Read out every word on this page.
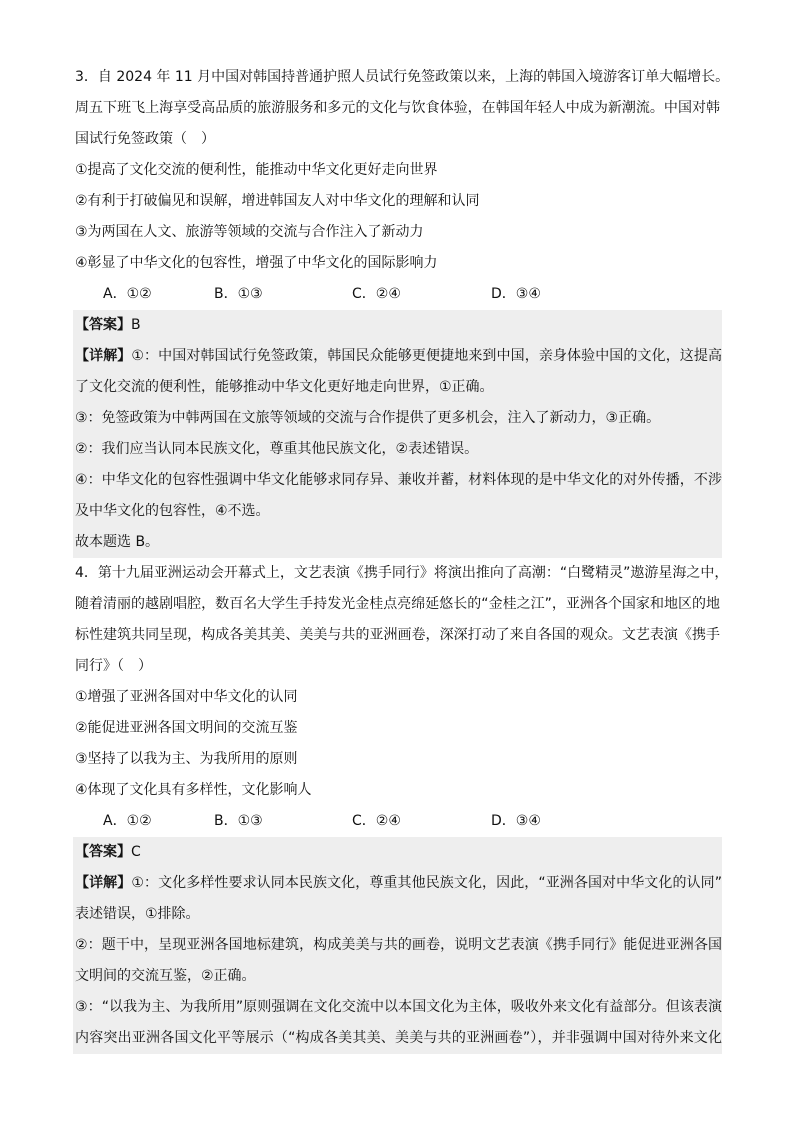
3．自 2024 年 11 月中国对韩国持普通护照人员试行免签政策以来，上海的韩国入境游客订单大幅增长。
周五下班飞上海享受高品质的旅游服务和多元的文化与饮食体验，在韩国年轻人中成为新潮流。中国对韩
国试行免签政策（　）
①提高了文化交流的便利性，能推动中华文化更好走向世界
②有利于打破偏见和误解，增进韩国友人对中华文化的理解和认同
③为两国在人文、旅游等领域的交流与合作注入了新动力
④彰显了中华文化的包容性，增强了中华文化的国际影响力
A．①②	B．①③	C．②④	D．③④
【答案】B
【详解】①：中国对韩国试行免签政策，韩国民众能够更便捷地来到中国，亲身体验中国的文化，这提高
了文化交流的便利性，能够推动中华文化更好地走向世界，①正确。
③：免签政策为中韩两国在文旅等领域的交流与合作提供了更多机会，注入了新动力，③正确。
②：我们应当认同本民族文化，尊重其他民族文化，②表述错误。
④：中华文化的包容性强调中华文化能够求同存异、兼收并蓄，材料体现的是中华文化的对外传播，不涉
及中华文化的包容性，④不选。
故本题选 B。
4．第十九届亚洲运动会开幕式上，文艺表演《携手同行》将演出推向了高潮：“白鹭精灵”遨游星海之中，
随着清丽的越剧唱腔，数百名大学生手持发光金桂点亮绵延悠长的“金桂之江”，亚洲各个国家和地区的地
标性建筑共同呈现，构成各美其美、美美与共的亚洲画卷，深深打动了来自各国的观众。文艺表演《携手
同行》（　）
①增强了亚洲各国对中华文化的认同
②能促进亚洲各国文明间的交流互鉴
③坚持了以我为主、为我所用的原则
④体现了文化具有多样性，文化影响人
A．①②	B．①③	C．②④	D．③④
【答案】C
【详解】①：文化多样性要求认同本民族文化，尊重其他民族文化，因此，“亚洲各国对中华文化的认同”
表述错误，①排除。
②：题干中，呈现亚洲各国地标建筑，构成美美与共的画卷，说明文艺表演《携手同行》能促进亚洲各国
文明间的交流互鉴，②正确。
③：“以我为主、为我所用”原则强调在文化交流中以本国文化为主体，吸收外来文化有益部分。但该表演
内容突出亚洲各国文化平等展示（“构成各美其美、美美与共的亚洲画卷”），并非强调中国对待外来文化
